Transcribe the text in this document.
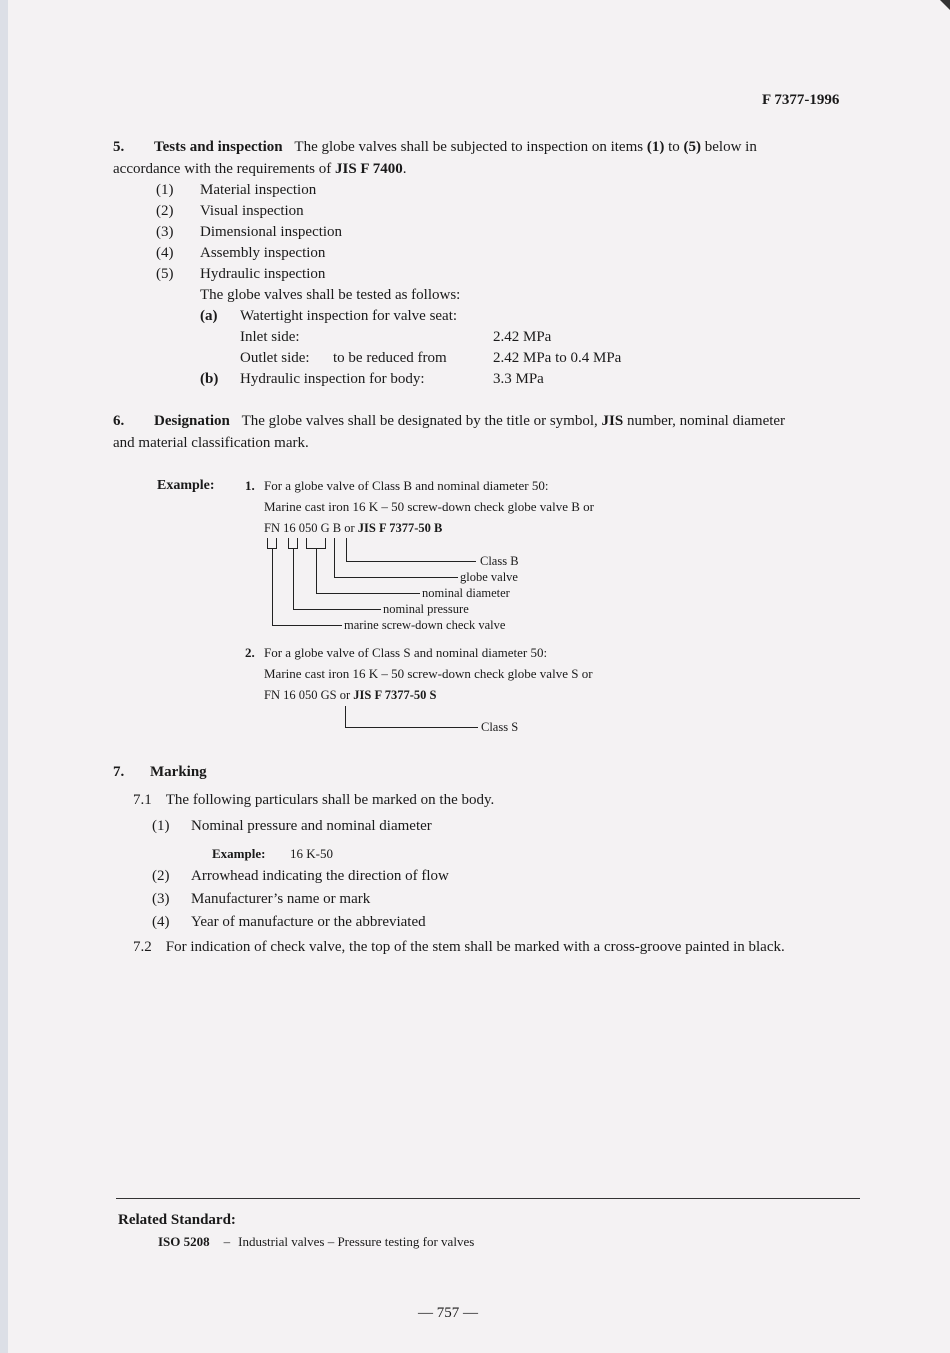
F 7377-1996
5. Tests and inspection The globe valves shall be subjected to inspection on items (1) to (5) below in
accordance with the requirements of JIS F 7400.
(1) Material inspection
(2) Visual inspection
(3) Dimensional inspection
(4) Assembly inspection
(5) Hydraulic inspection
The globe valves shall be tested as follows:
(a) Watertight inspection for valve seat:
Inlet side:	2.42 MPa
Outlet side: to be reduced from	2.42 MPa to 0.4 MPa
(b) Hydraulic inspection for body:	3.3 MPa
6. Designation The globe valves shall be designated by the title or symbol, JIS number, nominal diameter
and material classification mark.
Example: 1. For a globe valve of Class B and nominal diameter 50:
Marine cast iron 16 K – 50 screw-down check globe valve B or
FN 16 050 G B or JIS F 7377-50 B
Class B
globe valve
nominal diameter
nominal pressure
marine screw-down check valve
2. For a globe valve of Class S and nominal diameter 50:
Marine cast iron 16 K – 50 screw-down check globe valve S or
FN 16 050 GS or JIS F 7377-50 S
Class S
7. Marking
7.1 The following particulars shall be marked on the body.
(1) Nominal pressure and nominal diameter
Example: 16 K-50
(2) Arrowhead indicating the direction of flow
(3) Manufacturer’s name or mark
(4) Year of manufacture or the abbreviated
7.2 For indication of check valve, the top of the stem shall be marked with a cross-groove painted in black.
Related Standard:
ISO 5208 – Industrial valves – Pressure testing for valves
— 757 —
